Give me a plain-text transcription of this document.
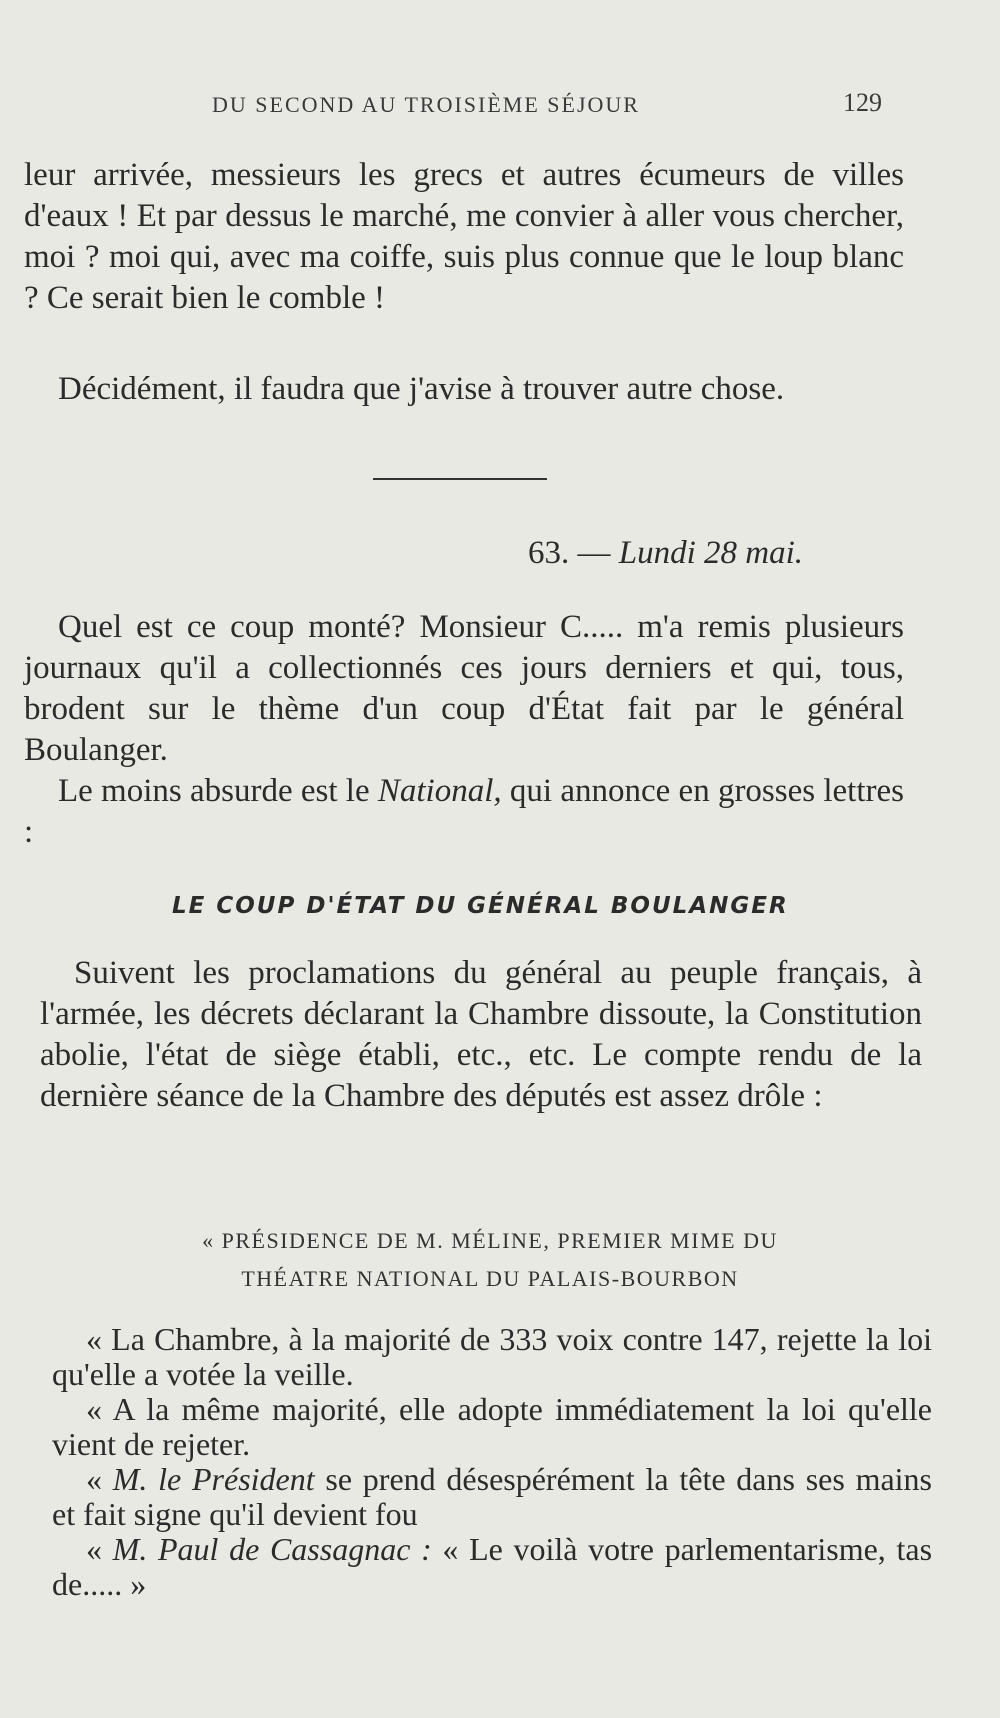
DU SECOND AU TROISIÈME SÉJOUR	129

leur arrivée, messieurs les grecs et autres écumeurs de villes d'eaux ! Et par dessus le marché, me convier à aller vous chercher, moi ? moi qui, avec ma coiffe, suis plus connue que le loup blanc ? Ce serait bien le comble !

Décidément, il faudra que j'avise à trouver autre chose.

63. — Lundi 28 mai.

Quel est ce coup monté? Monsieur C..... m'a remis plusieurs journaux qu'il a collectionnés ces jours derniers et qui, tous, brodent sur le thème d'un coup d'État fait par le général Boulanger.

Le moins absurde est le National, qui annonce en grosses lettres :

LE COUP D'ÉTAT DU GÉNÉRAL BOULANGER

Suivent les proclamations du général au peuple français, à l'armée, les décrets déclarant la Chambre dissoute, la Constitution abolie, l'état de siège établi, etc., etc. Le compte rendu de la dernière séance de la Chambre des députés est assez drôle :

« PRÉSIDENCE DE M. MÉLINE, PREMIER MIME DU
THÉATRE NATIONAL DU PALAIS-BOURBON

« La Chambre, à la majorité de 333 voix contre 147, rejette la loi qu'elle a votée la veille.

« A la même majorité, elle adopte immédiatement la loi qu'elle vient de rejeter.

« M. le Président se prend désespérément la tête dans ses mains et fait signe qu'il devient fou

« M. Paul de Cassagnac : « Le voilà votre parlementarisme, tas de..... »
